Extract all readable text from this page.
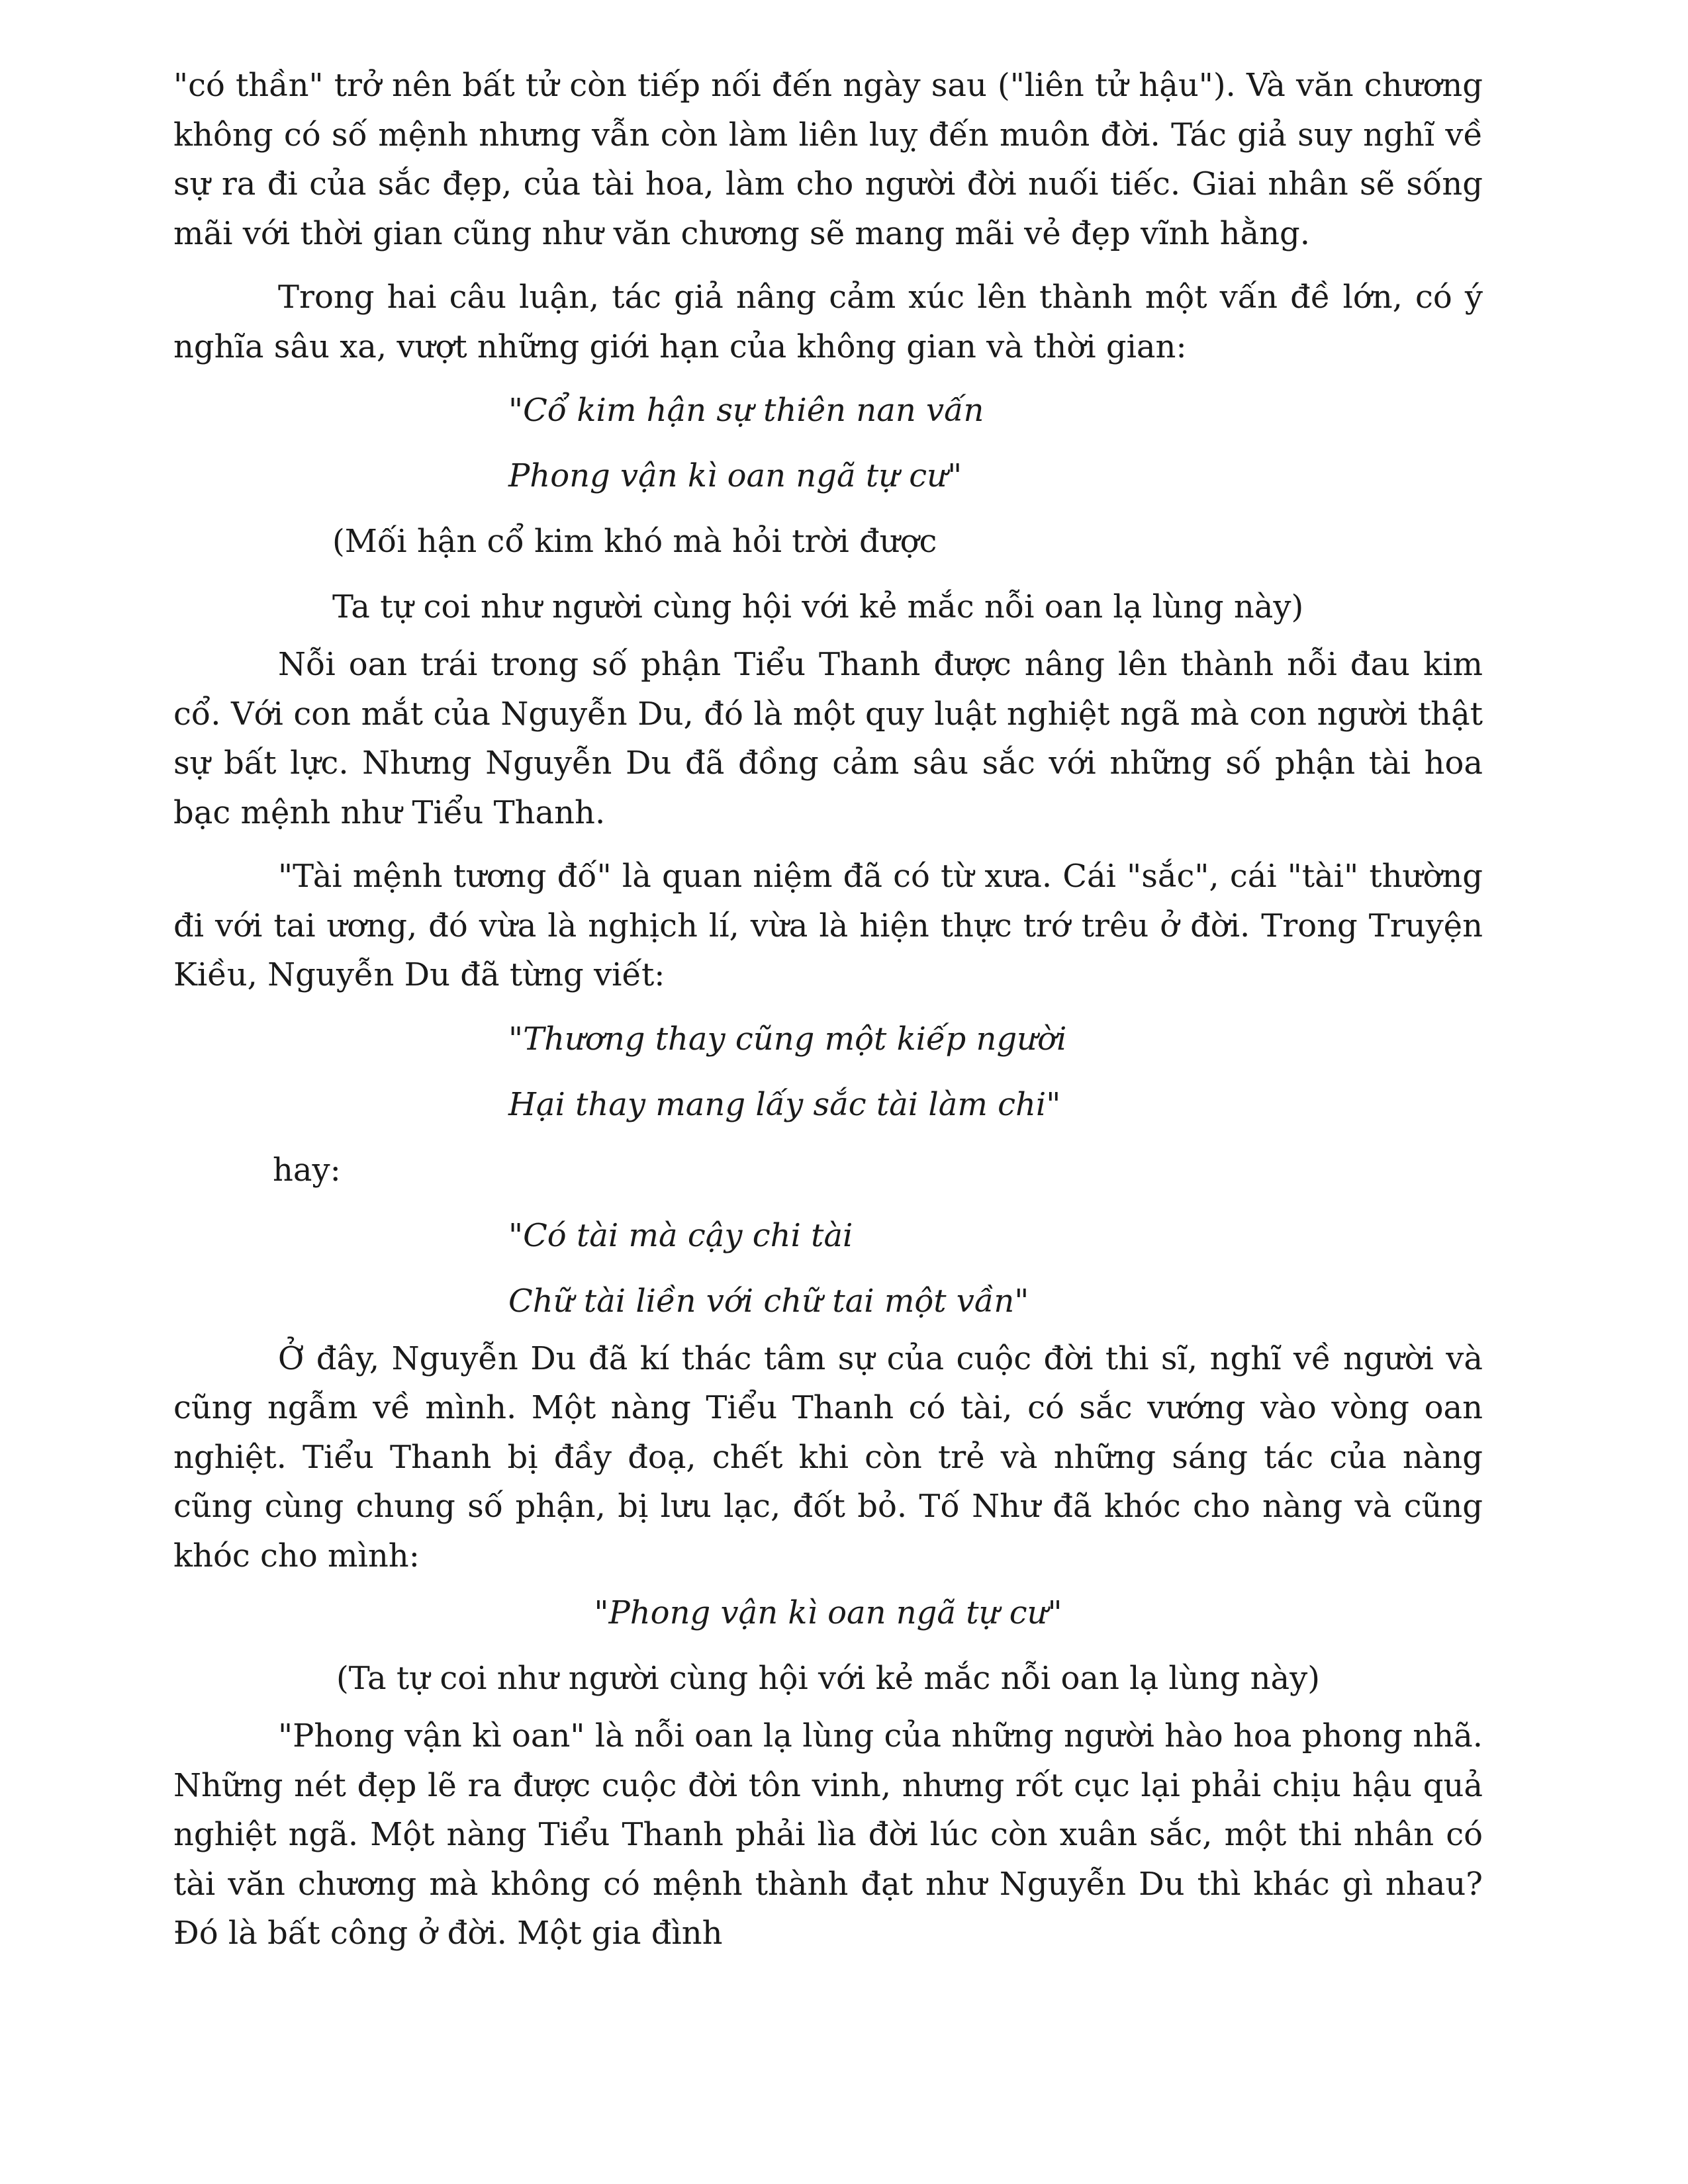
"có thần" trở nên bất tử còn tiếp nối đến ngày sau ("liên tử hậu"). Và văn chương không có số mệnh nhưng vẫn còn làm liên luỵ đến muôn đời. Tác giả suy nghĩ về sự ra đi của sắc đẹp, của tài hoa, làm cho người đời nuối tiếc. Giai nhân sẽ sống mãi với thời gian cũng như văn chương sẽ mang mãi vẻ đẹp vĩnh hằng.

Trong hai câu luận, tác giả nâng cảm xúc lên thành một vấn đề lớn, có ý nghĩa sâu xa, vượt những giới hạn của không gian và thời gian:

"Cổ kim hận sự thiên nan vấn
Phong vận kì oan ngã tự cư"
(Mối hận cổ kim khó mà hỏi trời được
Ta tự coi như người cùng hội với kẻ mắc nỗi oan lạ lùng này)

Nỗi oan trái trong số phận Tiểu Thanh được nâng lên thành nỗi đau kim cổ. Với con mắt của Nguyễn Du, đó là một quy luật nghiệt ngã mà con người thật sự bất lực. Nhưng Nguyễn Du đã đồng cảm sâu sắc với những số phận tài hoa bạc mệnh như Tiểu Thanh.

"Tài mệnh tương đố" là quan niệm đã có từ xưa. Cái "sắc", cái "tài" thường đi với tai ương, đó vừa là nghịch lí, vừa là hiện thực trớ trêu ở đời. Trong Truyện Kiều, Nguyễn Du đã từng viết:

"Thương thay cũng một kiếp người
Hại thay mang lấy sắc tài làm chi"
hay:
"Có tài mà cậy chi tài
Chữ tài liền với chữ tai một vần"

Ở đây, Nguyễn Du đã kí thác tâm sự của cuộc đời thi sĩ, nghĩ về người và cũng ngẫm về mình. Một nàng Tiểu Thanh có tài, có sắc vướng vào vòng oan nghiệt. Tiểu Thanh bị đầy đoạ, chết khi còn trẻ và những sáng tác của nàng cũng cùng chung số phận, bị lưu lạc, đốt bỏ. Tố Như đã khóc cho nàng và cũng khóc cho mình:

"Phong vận kì oan ngã tự cư"
(Ta tự coi như người cùng hội với kẻ mắc nỗi oan lạ lùng này)

"Phong vận kì oan" là nỗi oan lạ lùng của những người hào hoa phong nhã. Những nét đẹp lẽ ra được cuộc đời tôn vinh, nhưng rốt cục lại phải chịu hậu quả nghiệt ngã. Một nàng Tiểu Thanh phải lìa đời lúc còn xuân sắc, một thi nhân có tài văn chương mà không có mệnh thành đạt như Nguyễn Du thì khác gì nhau? Đó là bất công ở đời. Một gia đình
